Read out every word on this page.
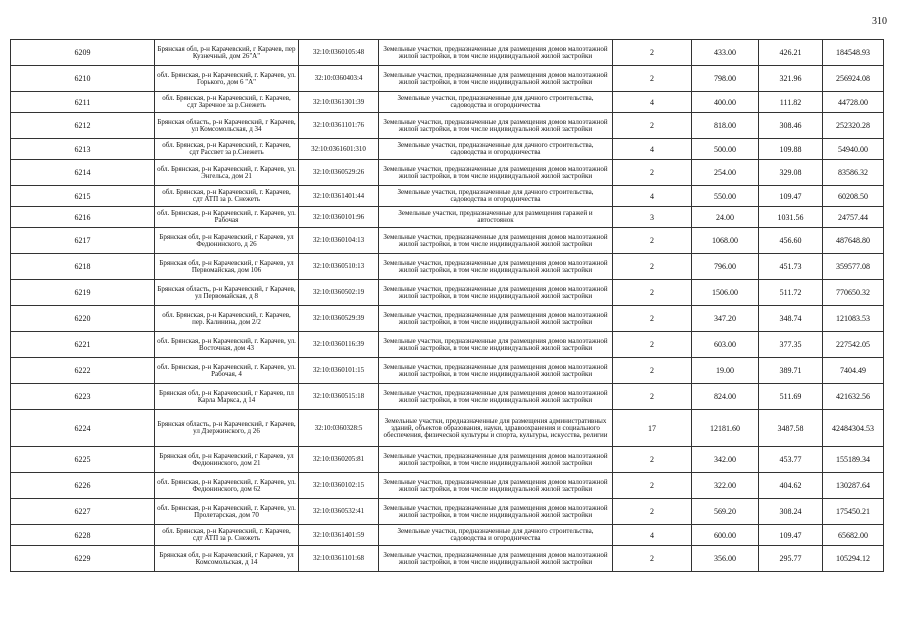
310
6209	Брянская обл, р-н Карачевский, г Карачев, пер Кузнечный, дом 26"А"	32:10:0360105:48	Земельные участки, предназначенные для размещения домов малоэтажной жилой застройки, в том числе индивидуальной жилой застройки	2	433.00	426.21	184548.93
6210	обл. Брянская, р-н Карачевский, г. Карачев, ул. Горького, дом 6 "А"	32:10:0360403:4	Земельные участки, предназначенные для размещения домов малоэтажной жилой застройки, в том числе индивидуальной жилой застройки	2	798.00	321.96	256924.08
6211	обл. Брянская, р-н Карачевский, г. Карачев, сдт Заречное за р.Снежеть	32:10:0361301:39	Земельные участки, предназначенные для дачного строительства, садоводства и огородничества	4	400.00	111.82	44728.00
6212	Брянская область, р-н Карачевский, г Карачев, ул Комсомольская, д 34	32:10:0361101:76	Земельные участки, предназначенные для размещения домов малоэтажной жилой застройки, в том числе индивидуальной жилой застройки	2	818.00	308.46	252320.28
6213	обл. Брянская, р-н Карачевский, г. Карачев, сдт Рассвет за р.Снежеть	32:10:0361601:310	Земельные участки, предназначенные для дачного строительства, садоводства и огородничества	4	500.00	109.88	54940.00
6214	обл. Брянская, р-н Карачевский, г. Карачев, ул. Энгельса, дом 21	32:10:0360529:26	Земельные участки, предназначенные для размещения домов малоэтажной жилой застройки, в том числе индивидуальной жилой застройки	2	254.00	329.08	83586.32
6215	обл. Брянская, р-н Карачевский, г. Карачев, сдт АТП за р. Снежеть	32:10:0361401:44	Земельные участки, предназначенные для дачного строительства, садоводства и огородничества	4	550.00	109.47	60208.50
6216	обл. Брянская, р-н Карачевский, г. Карачев, ул. Рабочая	32:10:0360101:96	Земельные участки, предназначенные для размещения гаражей и автостоянок	3	24.00	1031.56	24757.44
6217	Брянская обл, р-н Карачевский, г Карачев, ул Федюнинского, д 26	32:10:0360104:13	Земельные участки, предназначенные для размещения домов малоэтажной жилой застройки, в том числе индивидуальной жилой застройки	2	1068.00	456.60	487648.80
6218	Брянская обл, р-н Карачевский, г Карачев, ул Первомайская, дом 106	32:10:0360510:13	Земельные участки, предназначенные для размещения домов малоэтажной жилой застройки, в том числе индивидуальной жилой застройки	2	796.00	451.73	359577.08
6219	Брянская область, р-н Карачевский, г Карачев, ул Первомайская, д 8	32:10:0360502:19	Земельные участки, предназначенные для размещения домов малоэтажной жилой застройки, в том числе индивидуальной жилой застройки	2	1506.00	511.72	770650.32
6220	обл. Брянская, р-н Карачевский, г. Карачев, пер. Калинина, дом 2/2	32:10:0360529:39	Земельные участки, предназначенные для размещения домов малоэтажной жилой застройки, в том числе индивидуальной жилой застройки	2	347.20	348.74	121083.53
6221	обл. Брянская, р-н Карачевский, г. Карачев, ул. Восточная, дом 43	32:10:0360116:39	Земельные участки, предназначенные для размещения домов малоэтажной жилой застройки, в том числе индивидуальной жилой застройки	2	603.00	377.35	227542.05
6222	обл. Брянская, р-н Карачевский, г. Карачев, ул. Рабочая, 4	32:10:0360101:15	Земельные участки, предназначенные для размещения домов малоэтажной жилой застройки, в том числе индивидуальной жилой застройки	2	19.00	389.71	7404.49
6223	Брянская обл, р-н Карачевский, г Карачев, пл Карла Маркса, д 14	32:10:0360515:18	Земельные участки, предназначенные для размещения домов малоэтажной жилой застройки, в том числе индивидуальной жилой застройки	2	824.00	511.69	421632.56
6224	Брянская область, р-н Карачевский, г Карачев, ул Дзержинского, д 26	32:10:0360328:5	Земельные участки, предназначенные для размещения административных зданий, объектов образования, науки, здравоохранения и социального обеспечения, физической культуры и спорта, культуры, искусства, религии	17	12181.60	3487.58	42484304.53
6225	Брянская обл, р-н Карачевский, г Карачев, ул Федюнинского, дом 21	32:10:0360205:81	Земельные участки, предназначенные для размещения домов малоэтажной жилой застройки, в том числе индивидуальной жилой застройки	2	342.00	453.77	155189.34
6226	обл. Брянская, р-н Карачевский, г. Карачев, ул. Федюнинского, дом 62	32:10:0360102:15	Земельные участки, предназначенные для размещения домов малоэтажной жилой застройки, в том числе индивидуальной жилой застройки	2	322.00	404.62	130287.64
6227	обл. Брянская, р-н Карачевский, г. Карачев, ул. Пролетарская, дом 70	32:10:0360532:41	Земельные участки, предназначенные для размещения домов малоэтажной жилой застройки, в том числе индивидуальной жилой застройки	2	569.20	308.24	175450.21
6228	обл. Брянская, р-н Карачевский, г. Карачев, сдт АТП за р. Снежеть	32:10:0361401:59	Земельные участки, предназначенные для дачного строительства, садоводства и огородничества	4	600.00	109.47	65682.00
6229	Брянская обл, р-н Карачевский, г Карачев, ул Комсомольская, д 14	32:10:0361101:68	Земельные участки, предназначенные для размещения домов малоэтажной жилой застройки, в том числе индивидуальной жилой застройки	2	356.00	295.77	105294.12
